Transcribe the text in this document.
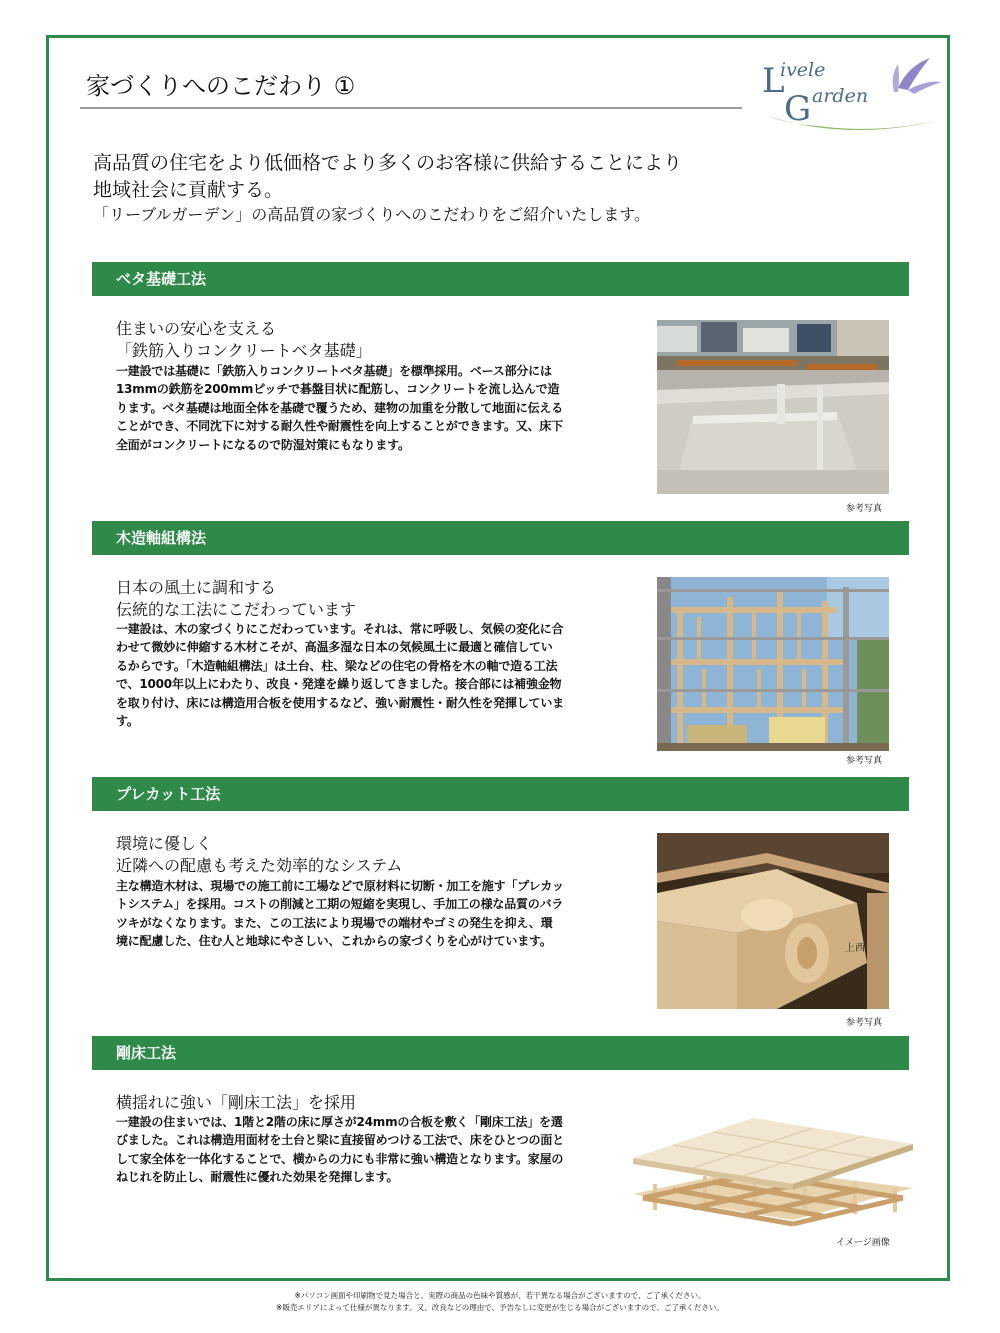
家づくりへのこだわり ①	L
ivele
G arden
高品質の住宅をより低価格でより多くのお客様に供給することにより
地域社会に貢献する。
「リーブルガーデン」の高品質の家づくりへのこだわりをご紹介いたします。
ベタ基礎工法
住まいの安心を支える
「鉄筋入りコンクリートベタ基礎」
一建設では基礎に「鉄筋入りコンクリートベタ基礎」を標準採用。ベース部分には13mmの鉄筋を200mmピッチで碁盤目状に配筋し、コンクリートを流し込んで造ります。ベタ基礎は地面全体を基礎で覆うため、建物の加重を分散して地面に伝えることができ、不同沈下に対する耐久性や耐震性を向上することができます。又、床下全面がコンクリートになるので防湿対策にもなります。
参考写真
木造軸組構法
日本の風土に調和する
伝統的な工法にこだわっています
一建設は、木の家づくりにこだわっています。それは、常に呼吸し、気候の変化に合わせて微妙に伸縮する木材こそが、高温多湿な日本の気候風土に最適と確信しているからです。「木造軸組構法」は土台、柱、梁などの住宅の骨格を木の軸で造る工法で、1000年以上にわたり、改良・発達を繰り返してきました。接合部には補強金物を取り付け、床には構造用合板を使用するなど、強い耐震性・耐久性を発揮しています。
参考写真
プレカット工法
環境に優しく
近隣への配慮も考えた効率的なシステム
主な構造木材は、現場での施工前に工場などで原材料に切断・加工を施す「プレカットシステム」を採用。コストの削減と工期の短縮を実現し、手加工の様な品質のバラツキがなくなります。また、この工法により現場での端材やゴミの発生を抑え、環境に配慮した、住む人と地球にやさしい、これからの家づくりを心がけています。
上西
参考写真
剛床工法
横揺れに強い「剛床工法」を採用
一建設の住まいでは、1階と2階の床に厚さが24mmの合板を敷く「剛床工法」を選びました。これは構造用面材を土台と梁に直接留めつける工法で、床をひとつの面として家全体を一体化することで、横からの力にも非常に強い構造となります。家屋のねじれを防止し、耐震性に優れた効果を発揮します。
イメージ画像
※パソコン画面や印刷物で見た場合と、実際の商品の色味や質感が、若干異なる場合がございますので、ご了承ください。
※販売エリアによって仕様が異なります。又、改良などの理由で、予告なしに変更が生じる場合がございますので、ご了承ください。
